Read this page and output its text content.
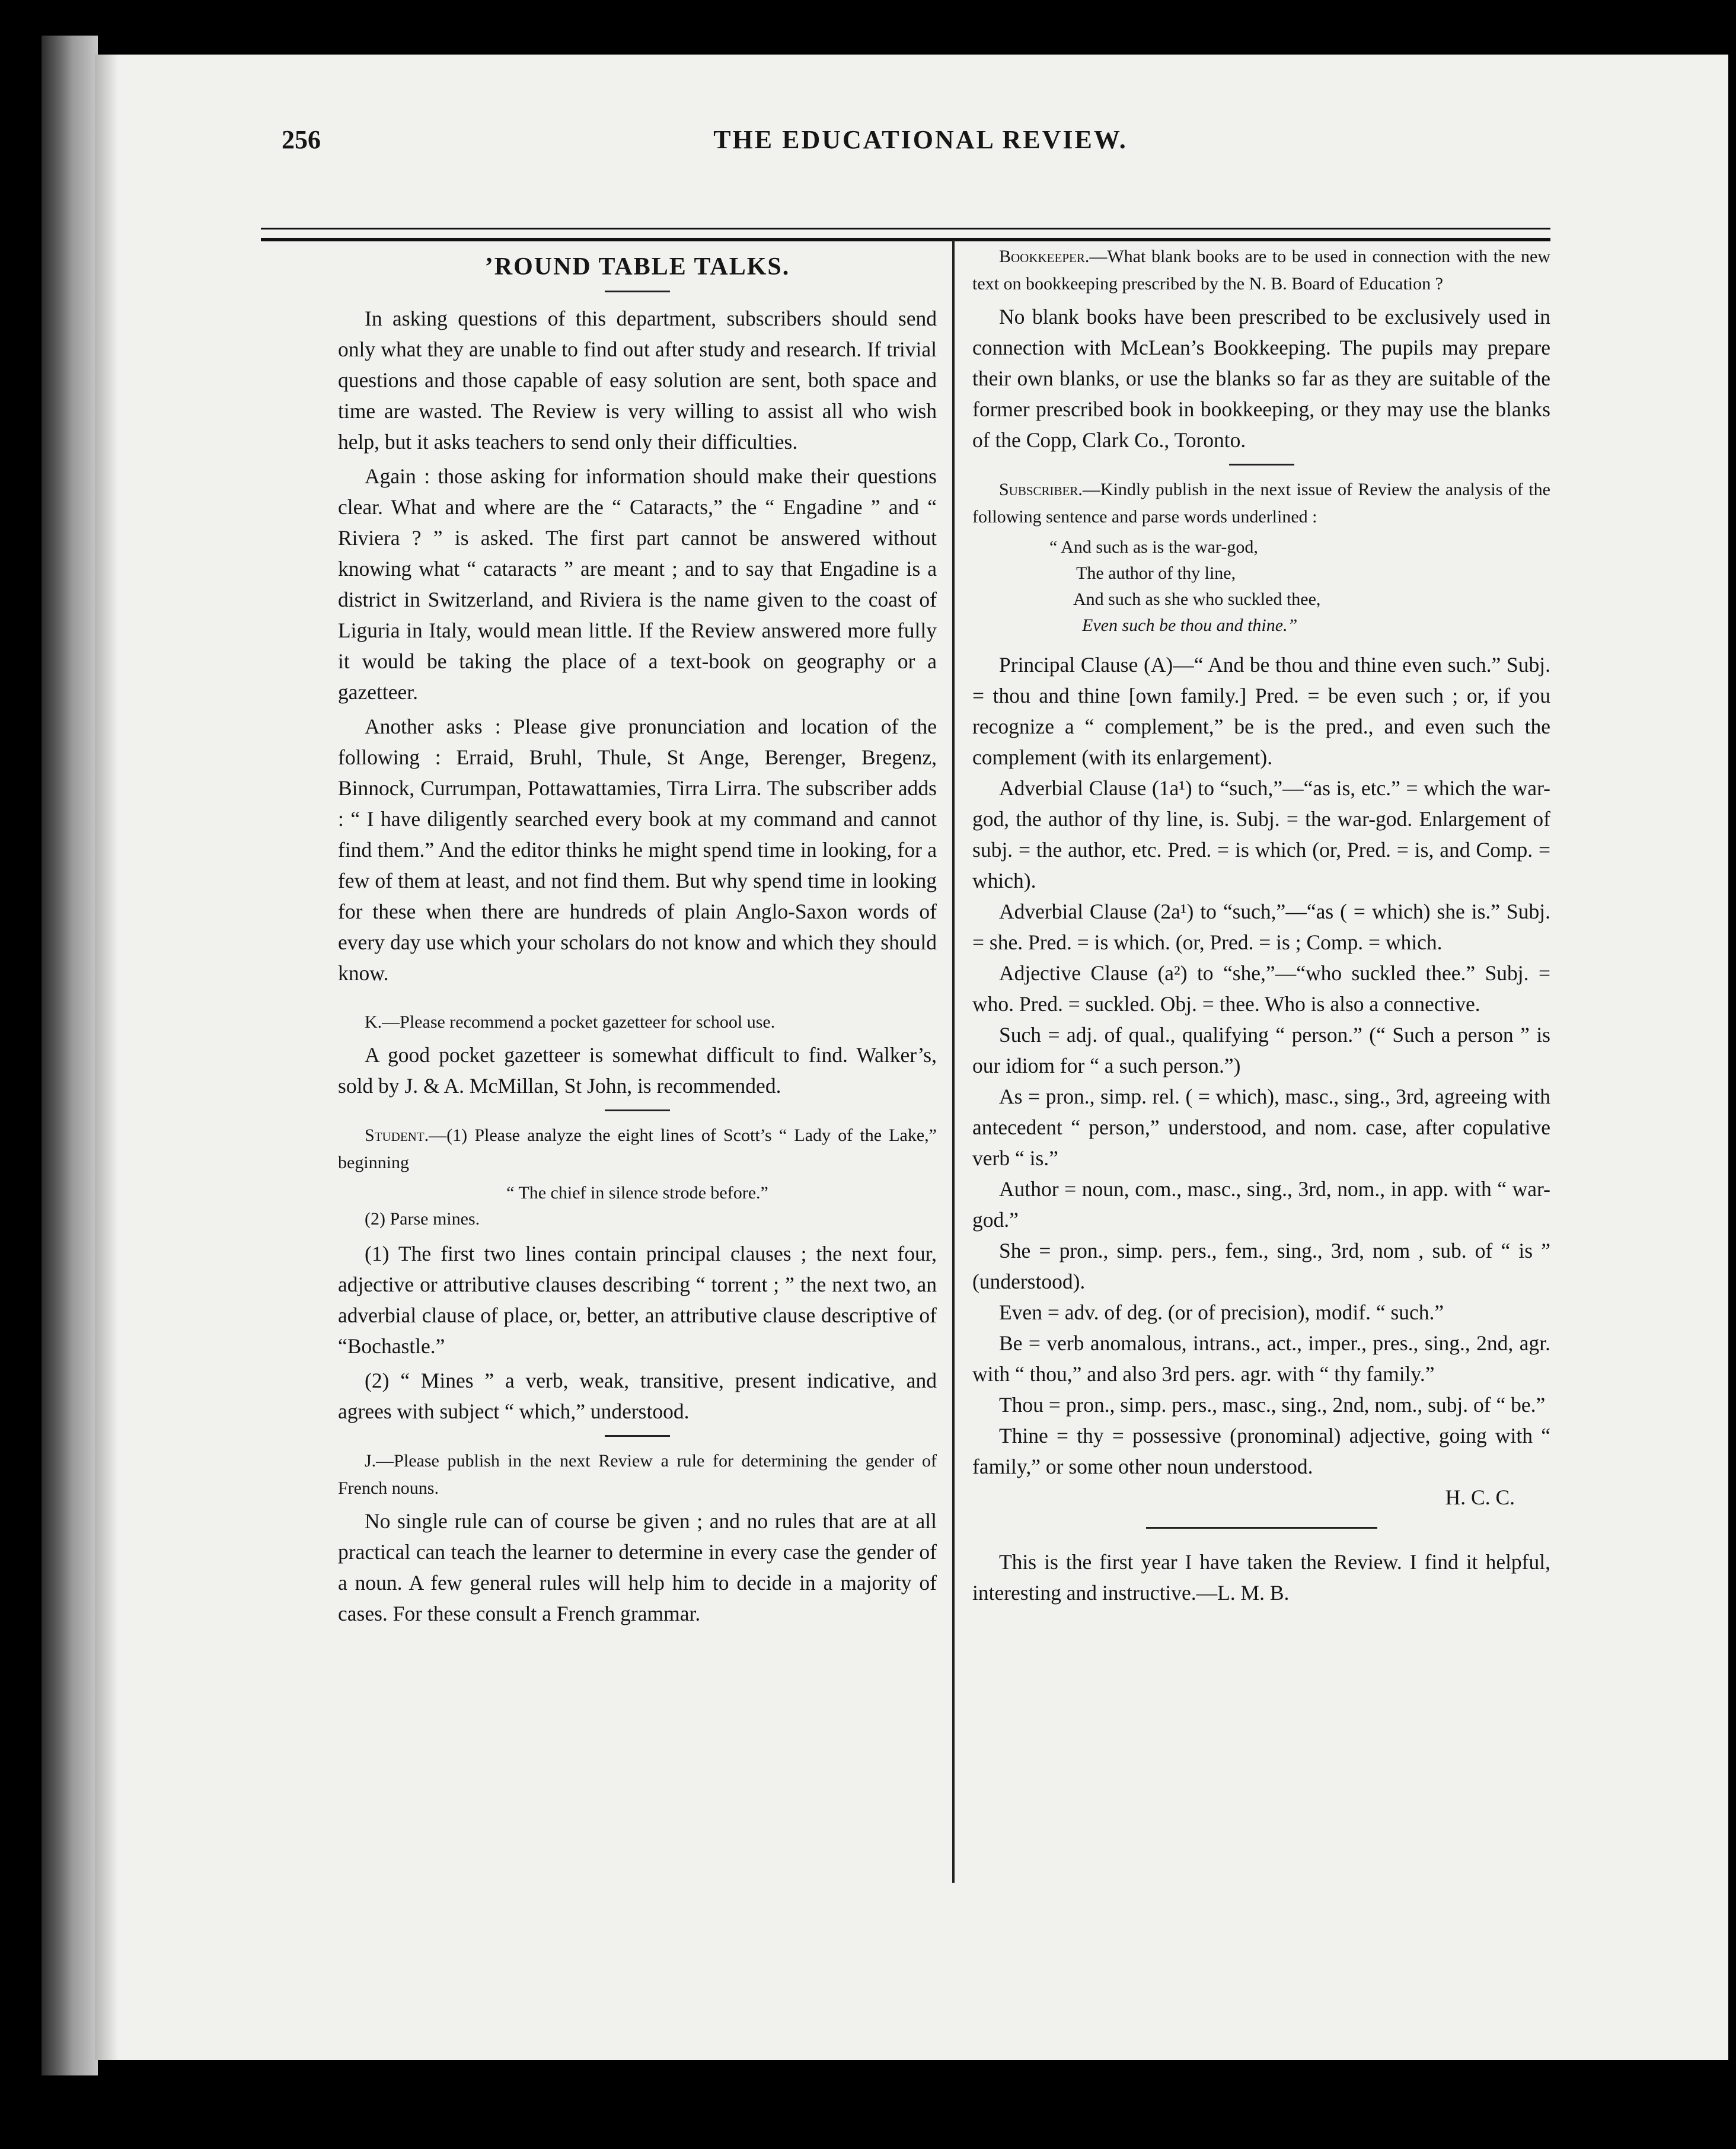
256	THE EDUCATIONAL REVIEW.

’ROUND TABLE TALKS.

In asking questions of this department, subscribers should send only what they are unable to find out after study and research. If trivial questions and those capable of easy solution are sent, both space and time are wasted. The Review is very willing to assist all who wish help, but it asks teachers to send only their difficulties.

Again : those asking for information should make their questions clear. What and where are the “ Cataracts,” the “ Engadine ” and “ Riviera ? ” is asked. The first part cannot be answered without knowing what “ cataracts ” are meant ; and to say that Engadine is a district in Switzerland, and Riviera is the name given to the coast of Liguria in Italy, would mean little. If the Review answered more fully it would be taking the place of a text-book on geography or a gazetteer.

Another asks : Please give pronunciation and location of the following : Erraid, Bruhl, Thule, St Ange, Berenger, Bregenz, Binnock, Currumpan, Pottawattamies, Tirra Lirra. The subscriber adds : “ I have diligently searched every book at my command and cannot find them.” And the editor thinks he might spend time in looking, for a few of them at least, and not find them. But why spend time in looking for these when there are hundreds of plain Anglo-Saxon words of every day use which your scholars do not know and which they should know.

K.—Please recommend a pocket gazetteer for school use.

A good pocket gazetteer is somewhat difficult to find. Walker’s, sold by J. & A. McMillan, St John, is recommended.

Student.—(1) Please analyze the eight lines of Scott’s “ Lady of the Lake,” beginning

“ The chief in silence strode before.”

(2) Parse mines.

(1) The first two lines contain principal clauses ; the next four, adjective or attributive clauses describing “ torrent ; ” the next two, an adverbial clause of place, or, better, an attributive clause descriptive of “Bochastle.”

(2) “ Mines ” a verb, weak, transitive, present indicative, and agrees with subject “ which,” understood.

J.—Please publish in the next Review a rule for determining the gender of French nouns.

No single rule can of course be given ; and no rules that are at all practical can teach the learner to determine in every case the gender of a noun. A few general rules will help him to decide in a majority of cases. For these consult a French grammar.

Bookkeeper.—What blank books are to be used in connection with the new text on bookkeeping prescribed by the N. B. Board of Education ?

No blank books have been prescribed to be exclusively used in connection with McLean’s Bookkeeping. The pupils may prepare their own blanks, or use the blanks so far as they are suitable of the former prescribed book in bookkeeping, or they may use the blanks of the Copp, Clark Co., Toronto.

Subscriber.—Kindly publish in the next issue of Review the analysis of the following sentence and parse words underlined :

“ And such as is the war-god,
The author of thy line,
And such as she who suckled thee,
Even such be thou and thine.”

Principal Clause (A)—“ And be thou and thine even such.” Subj. = thou and thine [own family.] Pred. = be even such ; or, if you recognize a “ complement,” be is the pred., and even such the complement (with its enlargement).

Adverbial Clause (1a¹) to “such,”—“as is, etc.” = which the war-god, the author of thy line, is. Subj. = the war-god. Enlargement of subj. = the author, etc. Pred. = is which (or, Pred. = is, and Comp. = which).

Adverbial Clause (2a¹) to “such,”—“as ( = which) she is.” Subj. = she. Pred. = is which. (or, Pred. = is ; Comp. = which.

Adjective Clause (a²) to “she,”—“who suckled thee.” Subj. = who. Pred. = suckled. Obj. = thee. Who is also a connective.

Such = adj. of qual., qualifying “ person.” (“ Such a person ” is our idiom for “ a such person.”)

As = pron., simp. rel. ( = which), masc., sing., 3rd, agreeing with antecedent “ person,” understood, and nom. case, after copulative verb “ is.”

Author = noun, com., masc., sing., 3rd, nom., in app. with “ war-god.”

She = pron., simp. pers., fem., sing., 3rd, nom , sub. of “ is ” (understood).

Even = adv. of deg. (or of precision), modif. “ such.”

Be = verb anomalous, intrans., act., imper., pres., sing., 2nd, agr. with “ thou,” and also 3rd pers. agr. with “ thy family.”

Thou = pron., simp. pers., masc., sing., 2nd, nom., subj. of “ be.”

Thine = thy = possessive (pronominal) adjective, going with “ family,” or some other noun understood.

H. C. C.

This is the first year I have taken the Review. I find it helpful, interesting and instructive.—L. M. B.
